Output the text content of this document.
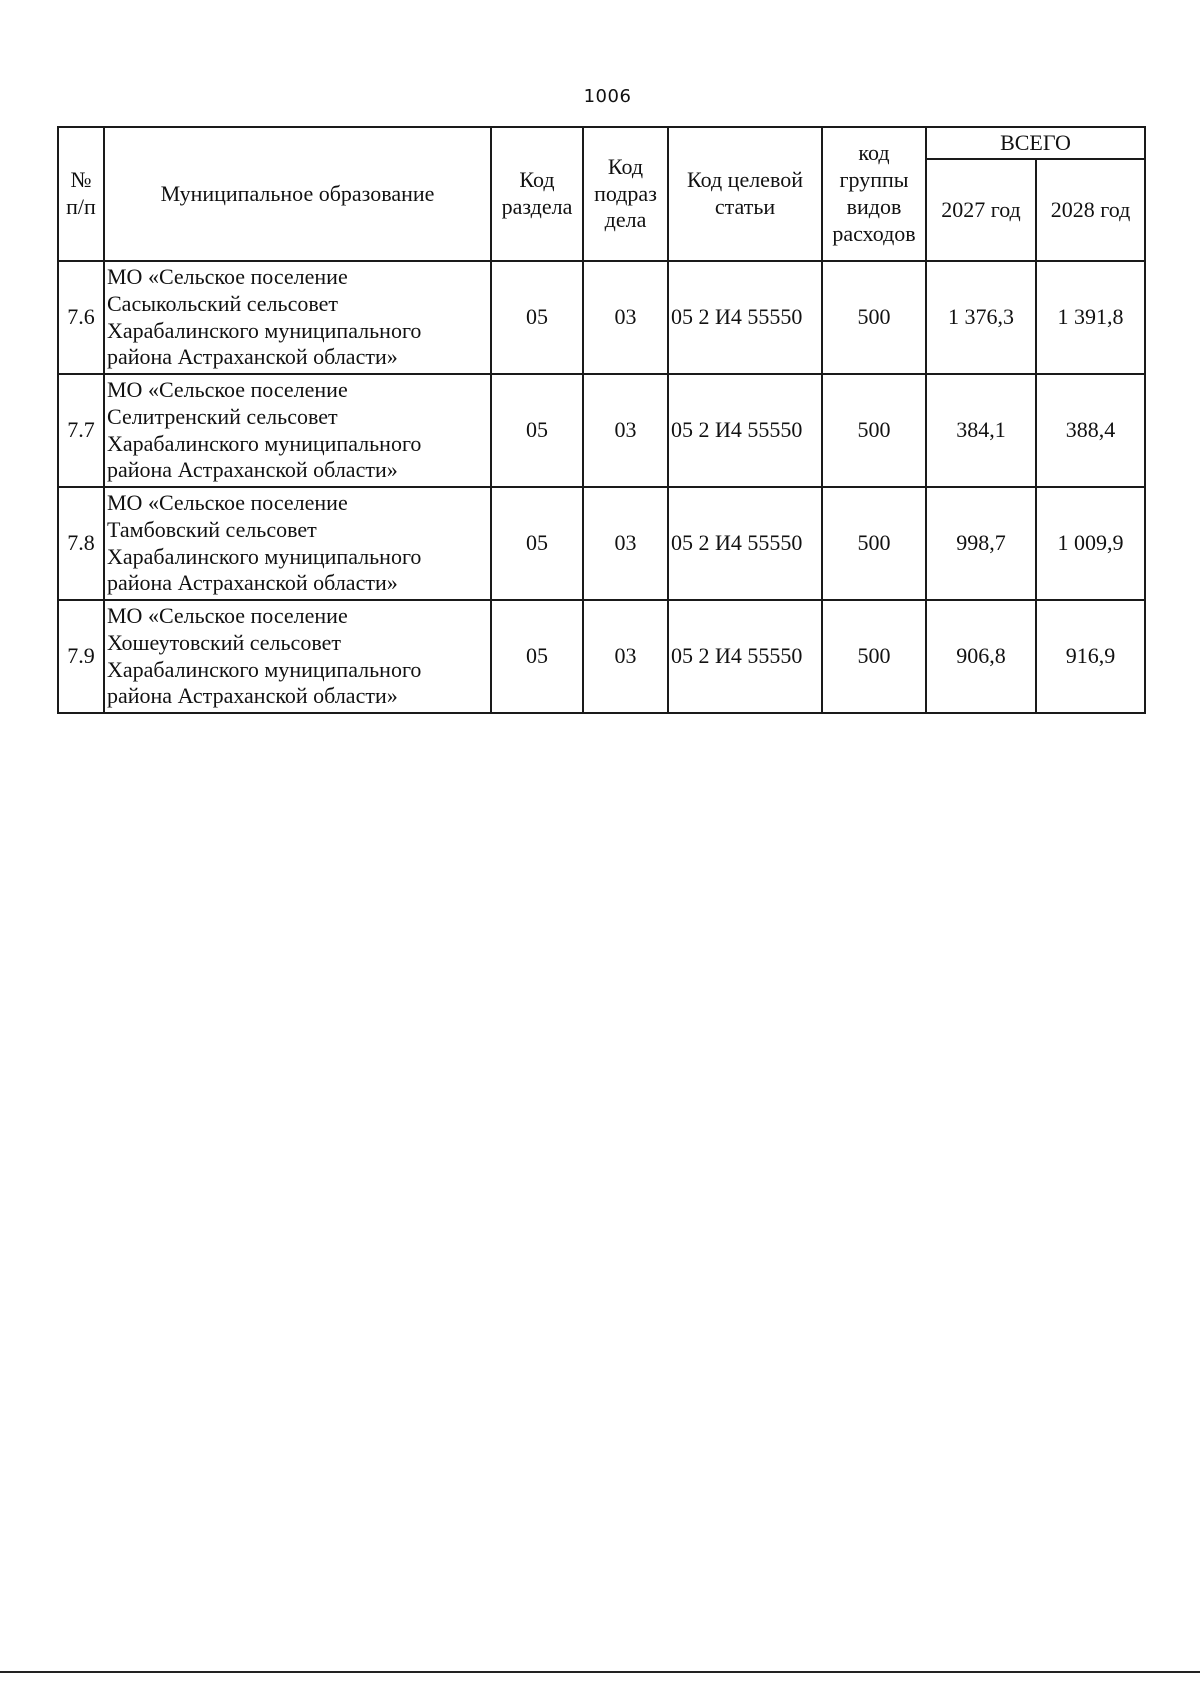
1006
№ п/п	Муниципальное образование	Код раздела	Код подраз дела	Код целевой статьи	код группы видов расходов	ВСЕГО	
						2027 год	2028 год
7.6	МО «Сельское поселение
Сасыкольский сельсовет
Харабалинского муниципального
района Астраханской области»	05	03	05 2 И4 55550	500	1 376,3	1 391,8
7.7	МО «Сельское поселение
Селитренский сельсовет
Харабалинского муниципального
района Астраханской области»	05	03	05 2 И4 55550	500	384,1	388,4
7.8	МО «Сельское поселение
Тамбовский сельсовет
Харабалинского муниципального
района Астраханской области»	05	03	05 2 И4 55550	500	998,7	1 009,9
7.9	МО «Сельское поселение
Хошеутовский сельсовет
Харабалинского муниципального
района Астраханской области»	05	03	05 2 И4 55550	500	906,8	916,9
